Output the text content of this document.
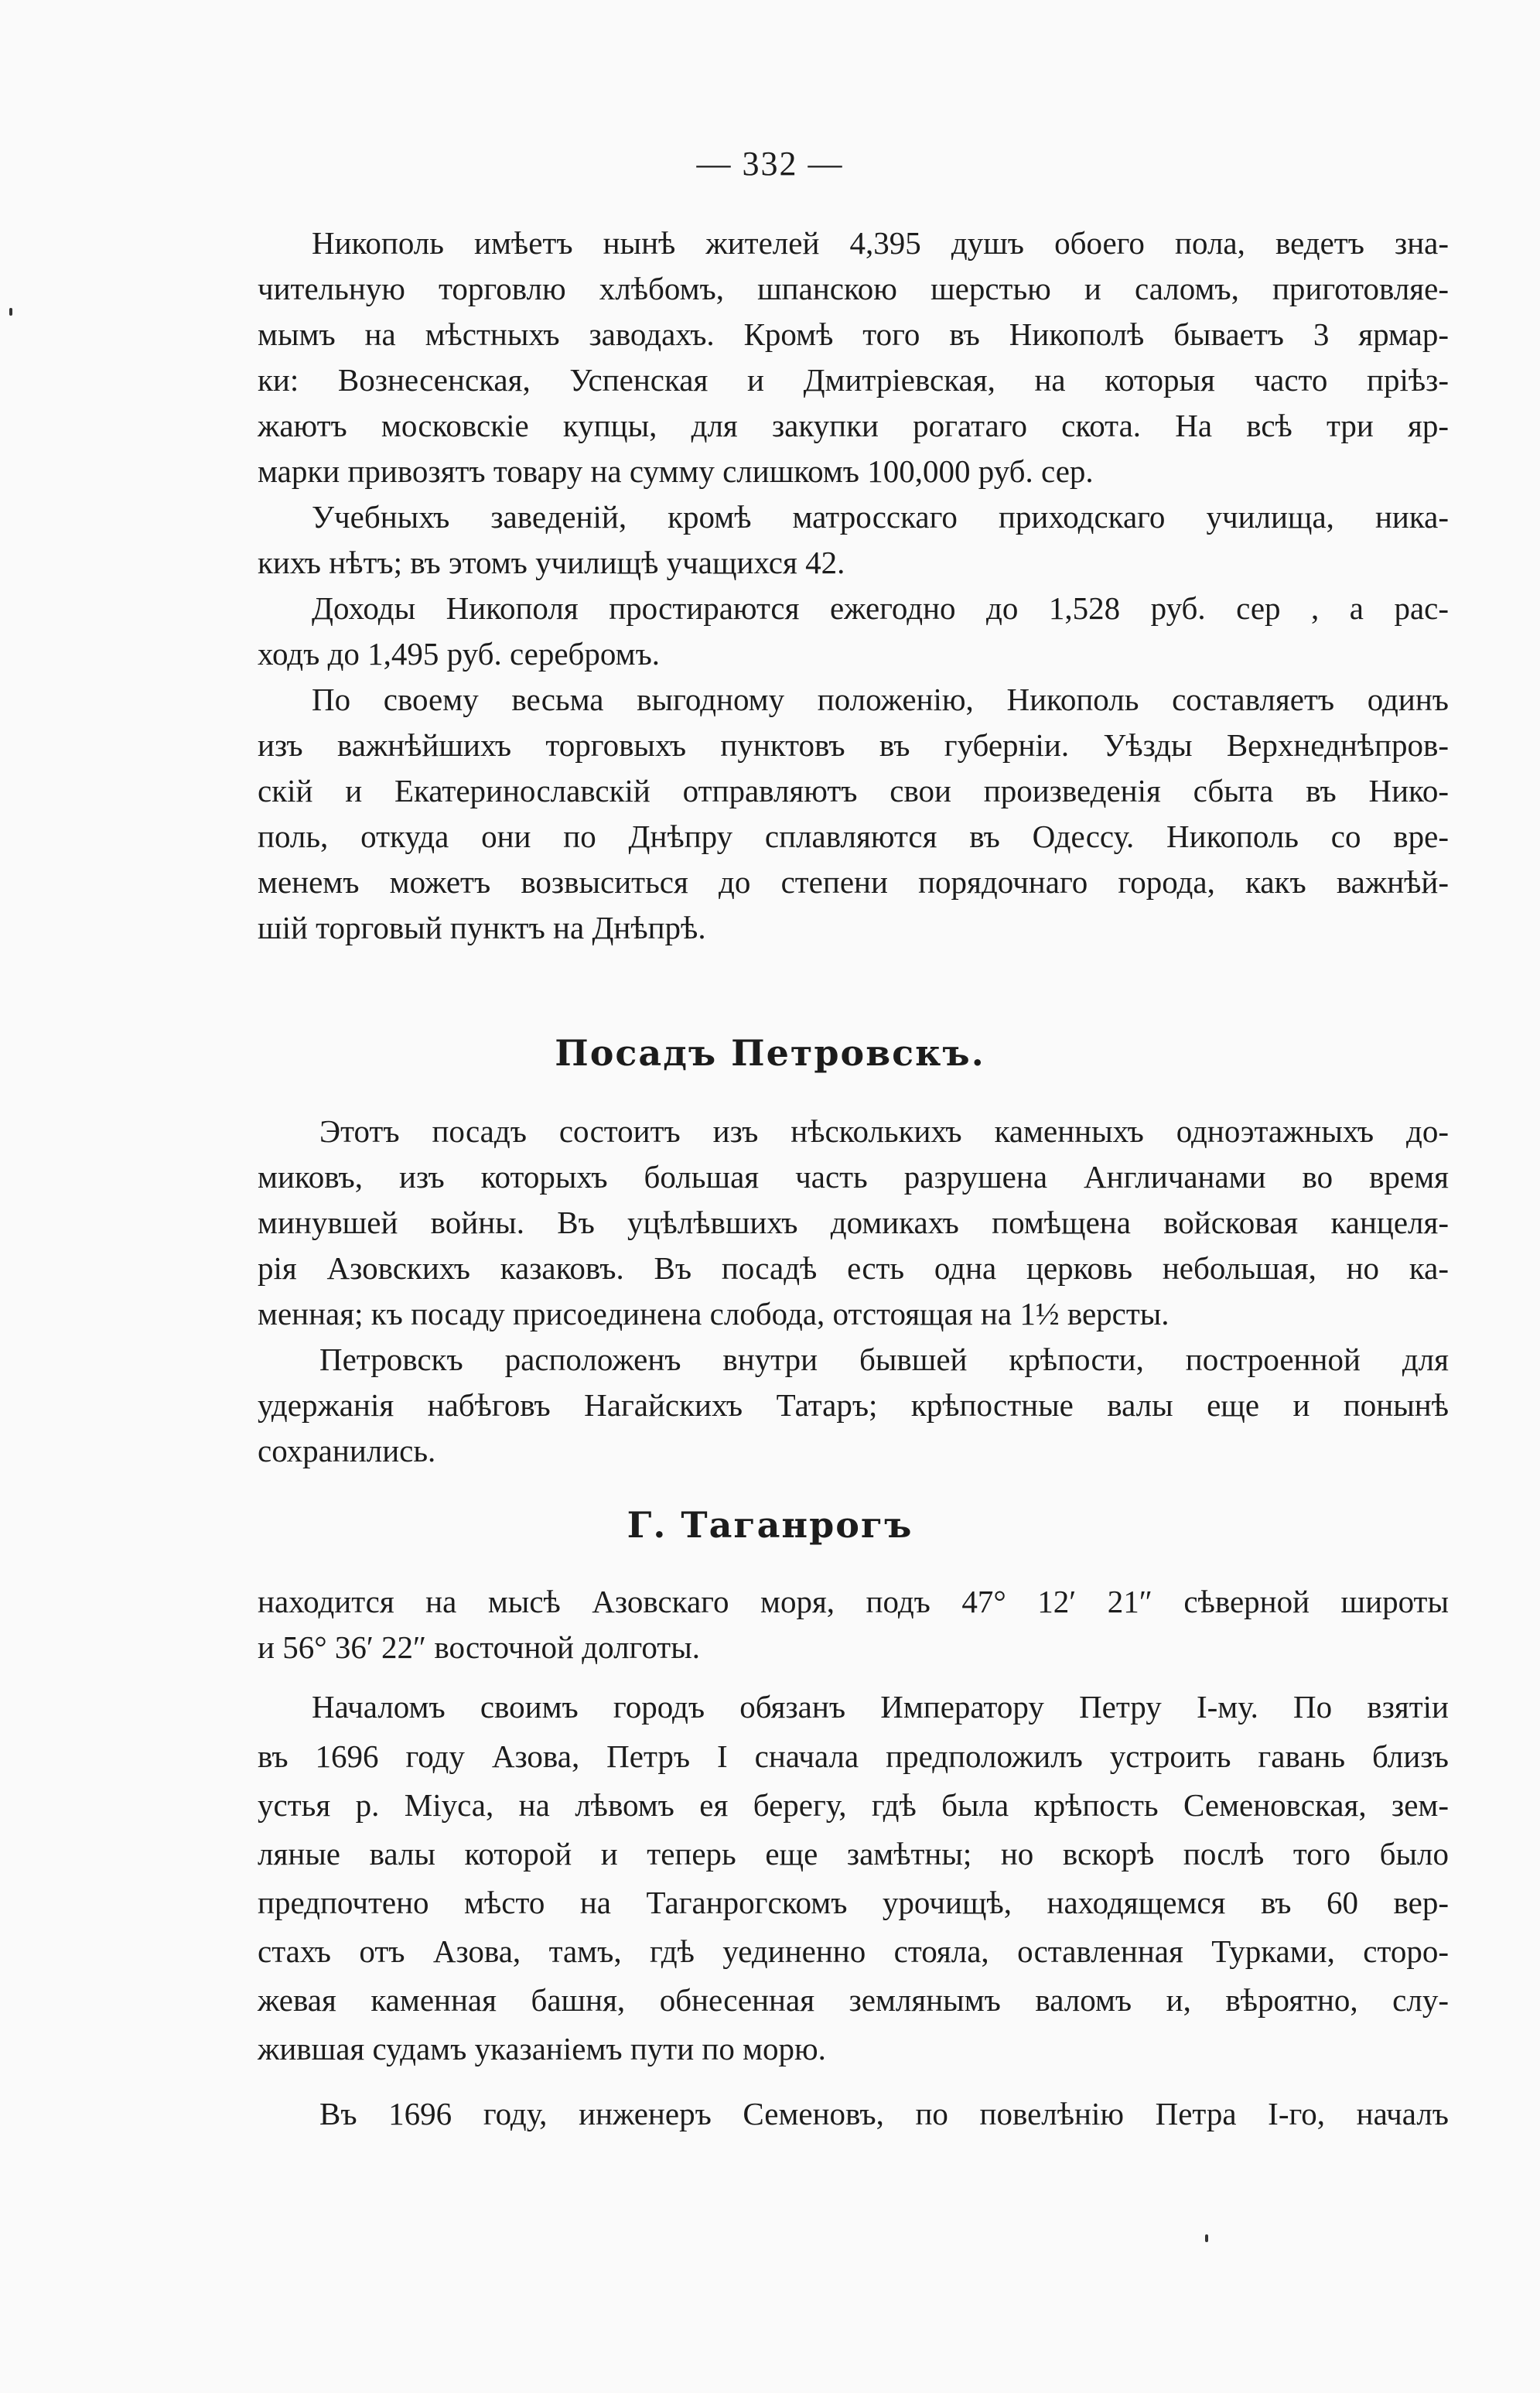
— 332 —
Никополь имѣетъ нынѣ жителей 4,395 душъ обоего пола, ведетъ зна-
чительную торговлю хлѣбомъ, шпанскою шерстью и саломъ, приготовляе-
мымъ на мѣстныхъ заводахъ. Кромѣ того въ Никополѣ бываетъ 3 ярмар-
ки: Вознесенская, Успенская и Дмитріевская, на которыя часто пріѣз-
жаютъ московскіе купцы, для закупки рогатаго скота. На всѣ три яр-
марки привозятъ товару на сумму слишкомъ 100,000 руб. сер.
Учебныхъ заведеній, кромѣ матросскаго приходскаго училища, ника-
кихъ нѣтъ; въ этомъ училищѣ учащихся 42.
Доходы Никополя простираются ежегодно до 1,528 руб. сер , а рас-
ходъ до 1,495 руб. серебромъ.
По своему весьма выгодному положенію, Никополь составляетъ одинъ
изъ важнѣйшихъ торговыхъ пунктовъ въ губерніи. Уѣзды Верхнеднѣпров-
скій и Екатеринославскій отправляютъ свои произведенія сбыта въ Нико-
поль, откуда они по Днѣпру сплавляются въ Одессу. Никополь со вре-
менемъ можетъ возвыситься до степени порядочнаго города, какъ важнѣй-
шій торговый пунктъ на Днѣпрѣ.
Посадъ Петровскъ.
Этотъ посадъ состоитъ изъ нѣсколькихъ каменныхъ одноэтажныхъ до-
миковъ, изъ которыхъ большая часть разрушена Англичанами во время
минувшей войны. Въ уцѣлѣвшихъ домикахъ помѣщена войсковая канцеля-
рія Азовскихъ казаковъ. Въ посадѣ есть одна церковь небольшая, но ка-
менная; къ посаду присоединена слобода, отстоящая на 1½ версты.
Петровскъ расположенъ внутри бывшей крѣпости, построенной для
удержанія набѣговъ Нагайскихъ Татаръ; крѣпостные валы еще и понынѣ
сохранились.
Г. Таганрогъ
находится на мысѣ Азовскаго моря, подъ 47° 12′ 21″ сѣверной широты
и 56° 36′ 22″ восточной долготы.
Началомъ своимъ городъ обязанъ Императору Петру I-му. По взятіи
въ 1696 году Азова, Петръ I сначала предположилъ устроить гавань близъ
устья р. Міуса, на лѣвомъ ея берегу, гдѣ была крѣпость Семеновская, зем-
ляные валы которой и теперь еще замѣтны; но вскорѣ послѣ того было
предпочтено мѣсто на Таганрогскомъ урочищѣ, находящемся въ 60 вер-
стахъ отъ Азова, тамъ, гдѣ уединенно стояла, оставленная Турками, сторо-
жевая каменная башня, обнесенная землянымъ валомъ и, вѣроятно, слу-
жившая судамъ указаніемъ пути по морю.
Въ 1696 году, инженеръ Семеновъ, по повелѣнію Петра I-го, началъ
